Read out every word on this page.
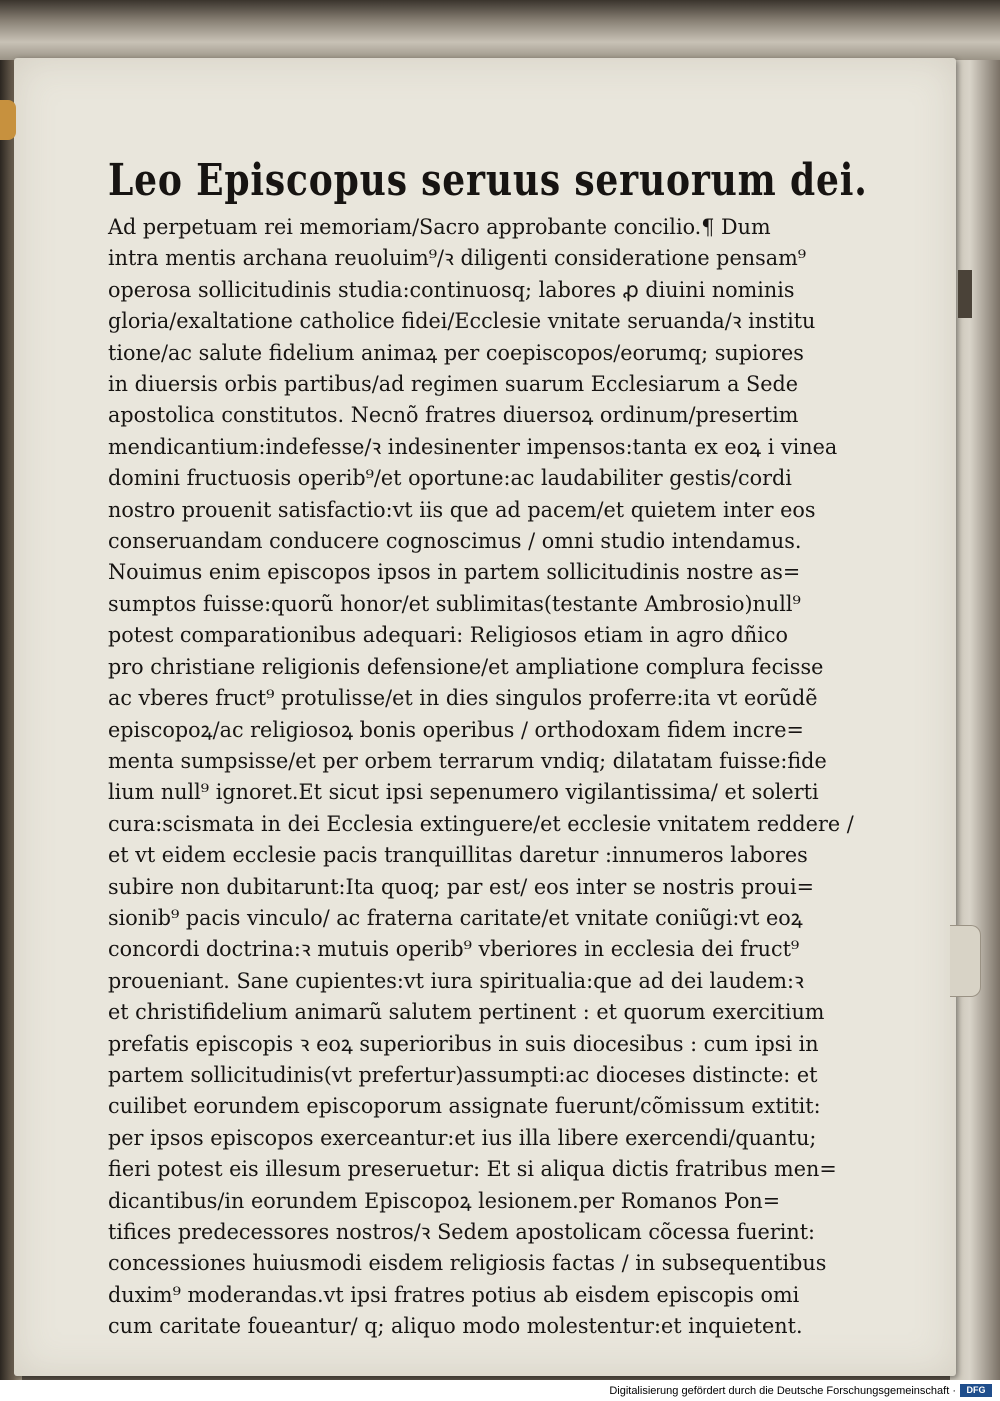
Leo Episcopus seruus seruorum dei.
Ad perpetuam rei memoriam/Sacro approbante concilio.¶ Dum
intra mentis archana reuoluim⁹/ꝛ diligenti consideratione pensam⁹
operosa sollicitudinis studia:continuosq; labores ꝓ diuini nominis
gloria/exaltatione catholice fidei/Ecclesie vnitate seruanda/ꝛ institu
tione/ac salute fidelium animaꝝ per coepiscopos/eorumq; supiores
in diuersis orbis partibus/ad regimen suarum Ecclesiarum a Sede
apostolica constitutos. Necnõ fratres diuersoꝝ ordinum/presertim
mendicantium:indefesse/ꝛ indesinenter impensos:tanta ex eoꝝ i vinea
domini fructuosis operib⁹/et oportune:ac laudabiliter gestis/cordi
nostro prouenit satisfactio:vt iis que ad pacem/et quietem inter eos
conseruandam conducere cognoscimus / omni studio intendamus.
Nouimus enim episcopos ipsos in partem sollicitudinis nostre as=
sumptos fuisse:quorũ honor/et sublimitas(testante Ambrosio)null⁹
potest comparationibus adequari: Religiosos etiam in agro dñico
pro christiane religionis defensione/et ampliatione complura fecisse
ac vberes fruct⁹ protulisse/et in dies singulos proferre:ita vt eorũdẽ
episcopoꝝ/ac religiosoꝝ bonis operibus / orthodoxam fidem incre=
menta sumpsisse/et per orbem terrarum vndiq; dilatatam fuisse:fide
lium null⁹ ignoret.Et sicut ipsi sepenumero vigilantissima/ et solerti
cura:scismata in dei Ecclesia extinguere/et ecclesie vnitatem reddere /
et vt eidem ecclesie pacis tranquillitas daretur :innumeros labores
subire non dubitarunt:Ita quoq; par est/ eos inter se nostris proui=
sionib⁹ pacis vinculo/ ac fraterna caritate/et vnitate coniũgi:vt eoꝝ
concordi doctrina:ꝛ mutuis operib⁹ vberiores in ecclesia dei fruct⁹
proueniant. Sane cupientes:vt iura spiritualia:que ad dei laudem:ꝛ
et christifidelium animarũ salutem pertinent : et quorum exercitium
prefatis episcopis ꝛ eoꝝ superioribus in suis diocesibus : cum ipsi in
partem sollicitudinis(vt prefertur)assumpti:ac dioceses distincte: et
cuilibet eorundem episcoporum assignate fuerunt/cõmissum extitit:
per ipsos episcopos exerceantur:et ius illa libere exercendi/quantu;
fieri potest eis illesum preseruetur: Et si aliqua dictis fratribus men=
dicantibus/in eorundem Episcopoꝝ lesionem.per Romanos Pon=
tifices predecessores nostros/ꝛ Sedem apostolicam cõcessa fuerint:
concessiones huiusmodi eisdem religiosis factas / in subsequentibus
duxim⁹ moderandas.vt ipsi fratres potius ab eisdem episcopis omi
cum caritate foueantur/ q; aliquo modo molestentur:et inquietent.
Digitalisierung gefördert durch die Deutsche Forschungsgemeinschaft ·	DFG
